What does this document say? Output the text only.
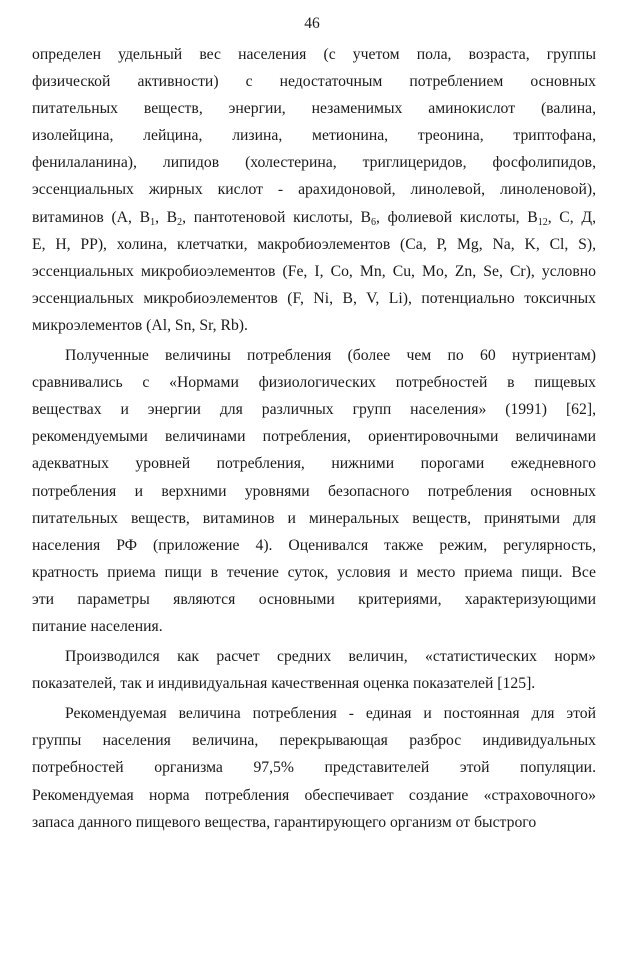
46
определен удельный вес населения (с учетом пола, возраста, группы
физической активности) с недостаточным потреблением основных
питательных веществ, энергии, незаменимых аминокислот (валина,
изолейцина, лейцина, лизина, метионина, треонина, триптофана,
фенилаланина), липидов (холестерина, триглицеридов, фосфолипидов,
эссенциальных жирных кислот - арахидоновой, линолевой, линоленовой),
витаминов (А, $В_1$, $В_2$, пантотеновой кислоты, $В_6$, фолиевой кислоты, $В_{12}$, С, Д,
Е, Н, РР), холина, клетчатки, макробиоэлементов (Са, Р, Mg, Na, K, Cl, S),
эссенциальных микробиоэлементов (Fe, I, Co, Mn, Cu, Mo, Zn, Se, Cr), условно
эссенциальных микробиоэлементов (F, Ni, B, V, Li), потенциально токсичных
микроэлементов (Al, Sn, Sr, Rb).
Полученные величины потребления (более чем по 60 нутриентам)
сравнивались с «Нормами физиологических потребностей в пищевых
веществах и энергии для различных групп населения» (1991) [62],
рекомендуемыми величинами потребления, ориентировочными величинами
адекватных уровней потребления, нижними порогами ежедневного
потребления и верхними уровнями безопасного потребления основных
питательных веществ, витаминов и минеральных веществ, принятыми для
населения РФ (приложение 4). Оценивался также режим, регулярность,
кратность приема пищи в течение суток, условия и место приема пищи. Все
эти параметры являются основными критериями, характеризующими
питание населения.
Производился как расчет средних величин, «статистических норм»
показателей, так и индивидуальная качественная оценка показателей [125].
Рекомендуемая величина потребления - единая и постоянная для этой
группы населения величина, перекрывающая разброс индивидуальных
потребностей организма 97,5% представителей этой популяции.
Рекомендуемая норма потребления обеспечивает создание «страховочного»
запаса данного пищевого вещества, гарантирующего организм от быстрого
